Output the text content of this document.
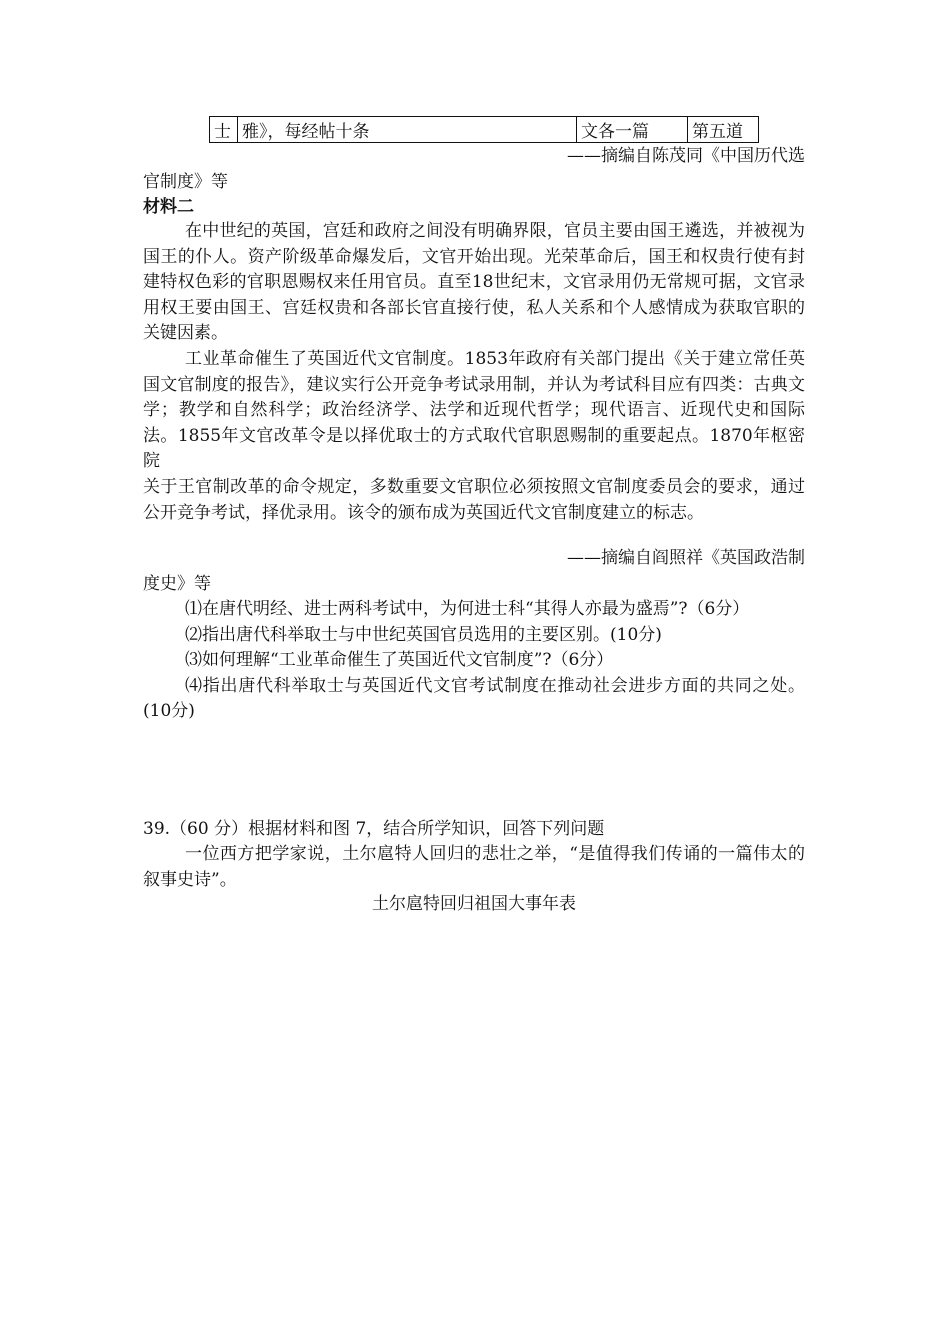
士	雅》，每经帖十条	文各一篇	第五道
——摘编自陈茂同《中国历代选
官制度》等
材料二

在中世纪的英国，宫廷和政府之间没有明确界限，官员主要由国王遴选，并被视为国王的仆人。资产阶级革命爆发后，文官开始出现。光荣革命后，国王和权贵行使有封建特权色彩的官职恩赐权来任用官员。直至18世纪末，文官录用仍无常规可据，文官录用权王要由国王、宫廷权贵和各部长官直接行使，私人关系和个人感情成为获取官职的关键因素。

工业革命催生了英国近代文官制度。1853年政府有关部门提出《关于建立常任英国文官制度的报告》，建议实行公开竞争考试录用制，并认为考试科目应有四类：古典文学；教学和自然科学；政治经济学、法学和近现代哲学；现代语言、近现代史和国际法。1855年文官改革令是以择优取士的方式取代官职恩赐制的重要起点。1870年枢密院

关于王官制改革的命令规定，多数重要文官职位必须按照文官制度委员会的要求，通过公开竞争考试，择优录用。该令的颁布成为英国近代文官制度建立的标志。

——摘编自阎照祥《英国政浩制
度史》等

⑴在唐代明经、进士两科考试中，为何进士科“其得人亦最为盛焉”?（6分）

⑵指出唐代科举取士与中世纪英国官员选用的主要区别。(10分)

⑶如何理解“工业革命催生了英国近代文官制度”?（6分）

⑷指出唐代科举取士与英国近代文官考试制度在推动社会进步方面的共同之处。(10分)

39.（60 分）根据材料和图 7，结合所学知识，回答下列问题

一位西方把学家说，土尔扈特人回归的悲壮之举，“是值得我们传诵的一篇伟太的叙事史诗”。

土尔扈特回归祖国大事年表
